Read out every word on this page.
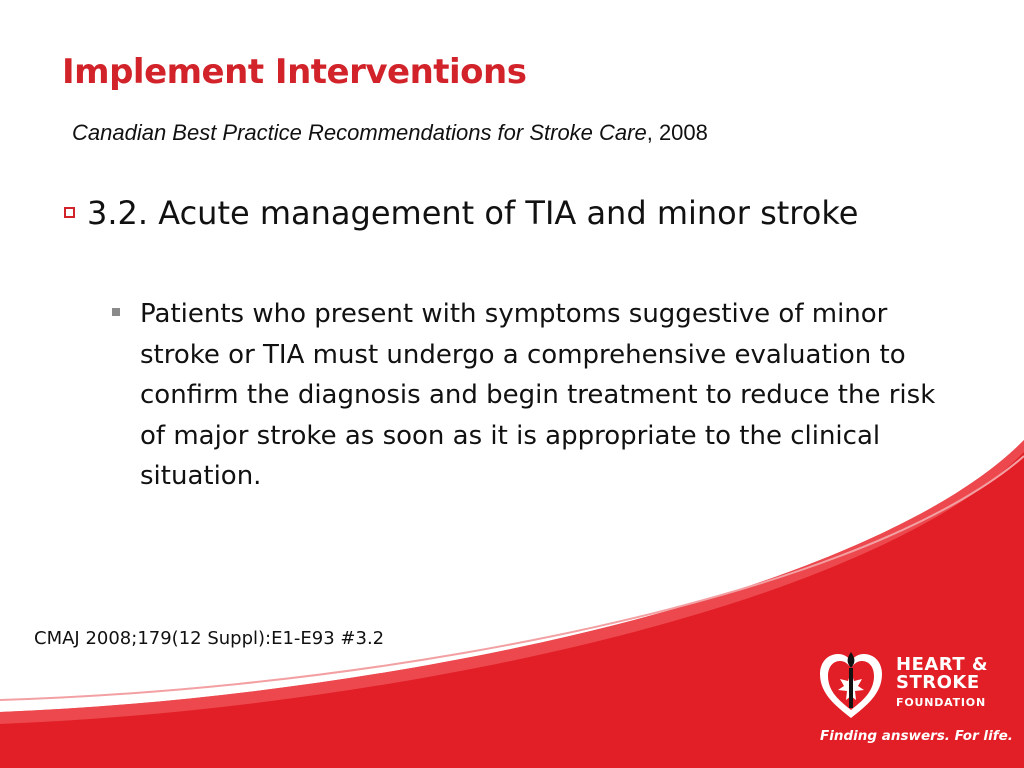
Implement Interventions
Canadian Best Practice Recommendations for Stroke Care, 2008
3.2. Acute management of TIA and minor stroke
Patients who present with symptoms suggestive of minor stroke or TIA must undergo a comprehensive evaluation to confirm the diagnosis and begin treatment to reduce the risk of major stroke as soon as it is appropriate to the clinical situation.
CMAJ 2008;179(12 Suppl):E1-E93 #3.2
HEART &
STROKE
FOUNDATION
Finding answers. For life.
